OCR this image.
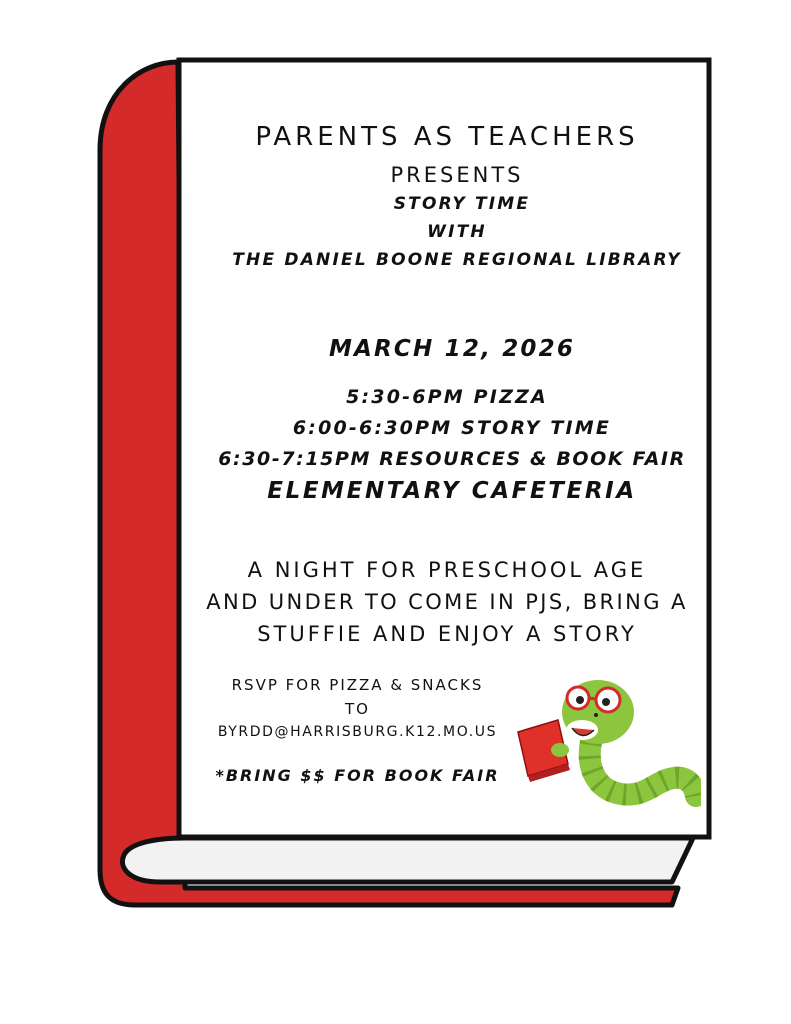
PARENTS AS TEACHERS

PRESENTS

STORY TIME

WITH

THE DANIEL BOONE REGIONAL LIBRARY

MARCH 12, 2026

5:30-6PM PIZZA

6:00-6:30PM STORY TIME

6:30-7:15PM RESOURCES & BOOK FAIR

ELEMENTARY CAFETERIA

A NIGHT FOR PRESCHOOL AGE

AND UNDER TO COME IN PJS, BRING A

STUFFIE AND ENJOY A STORY

RSVP FOR PIZZA & SNACKS

TO

BYRDD@HARRISBURG.K12.MO.US

*BRING $$ FOR BOOK FAIR
